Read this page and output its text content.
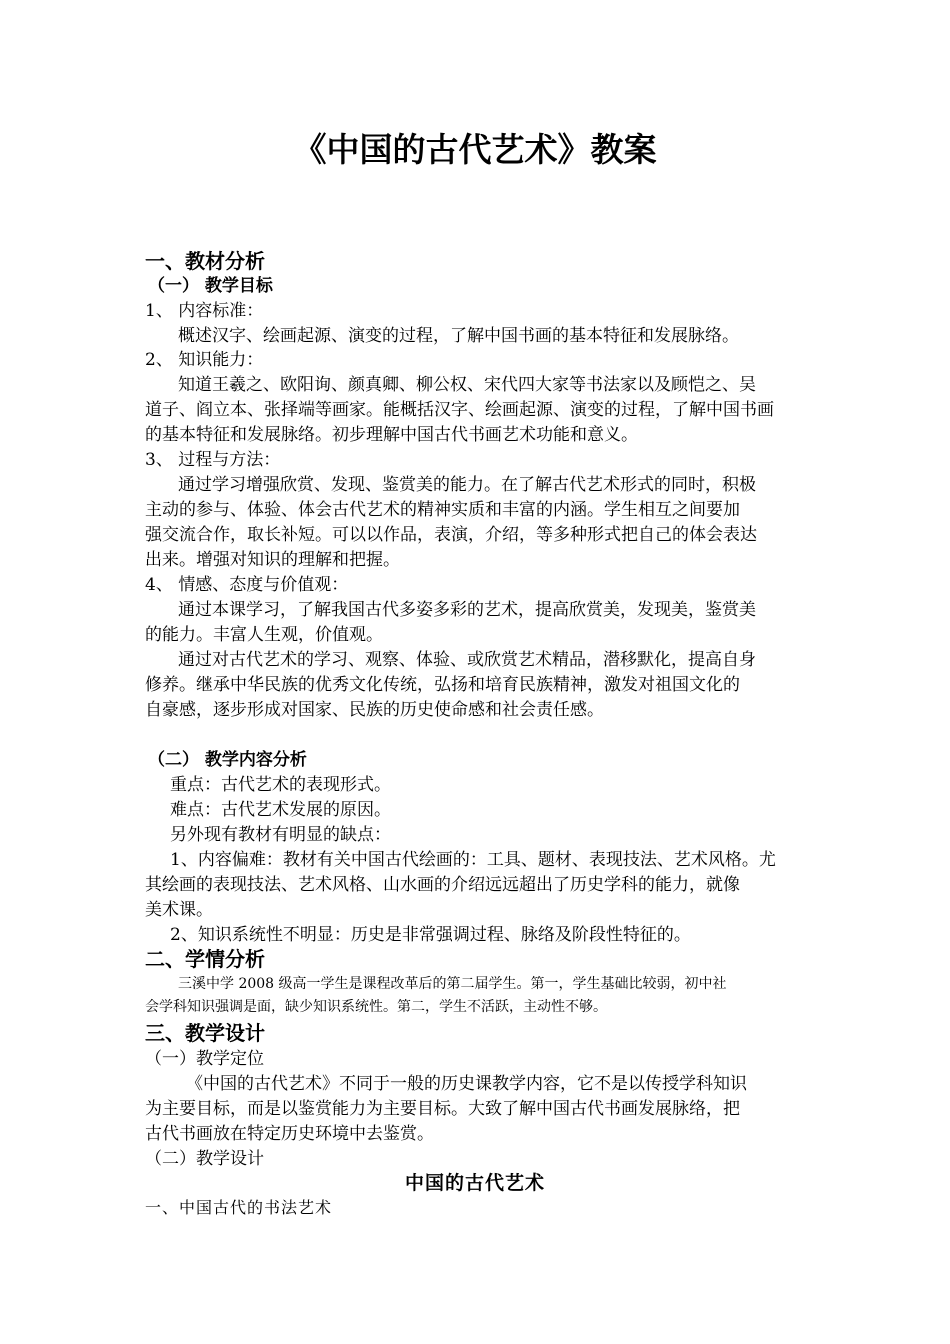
《中国的古代艺术》教案
一、教材分析
（一） 教学目标
1、 内容标准：
概述汉字、绘画起源、演变的过程，了解中国书画的基本特征和发展脉络。
2、 知识能力：
知道王羲之、欧阳询、颜真卿、柳公权、宋代四大家等书法家以及顾恺之、吴
道子、阎立本、张择端等画家。能概括汉字、绘画起源、演变的过程，了解中国书画
的基本特征和发展脉络。初步理解中国古代书画艺术功能和意义。
3、 过程与方法：
通过学习增强欣赏、发现、鉴赏美的能力。在了解古代艺术形式的同时，积极
主动的参与、体验、体会古代艺术的精神实质和丰富的内涵。学生相互之间要加
强交流合作，取长补短。可以以作品，表演，介绍，等多种形式把自己的体会表达
出来。增强对知识的理解和把握。
4、 情感、态度与价值观：
通过本课学习，了解我国古代多姿多彩的艺术，提高欣赏美，发现美，鉴赏美
的能力。丰富人生观，价值观。
通过对古代艺术的学习、观察、体验、或欣赏艺术精品，潜移默化，提高自身
修养。继承中华民族的优秀文化传统，弘扬和培育民族精神，激发对祖国文化的
自豪感，逐步形成对国家、民族的历史使命感和社会责任感。
（二） 教学内容分析
重点：古代艺术的表现形式。
难点：古代艺术发展的原因。
另外现有教材有明显的缺点：
1、内容偏难：教材有关中国古代绘画的：工具、题材、表现技法、艺术风格。尤
其绘画的表现技法、艺术风格、山水画的介绍远远超出了历史学科的能力，就像
美术课。
2、知识系统性不明显：历史是非常强调过程、脉络及阶段性特征的。
二、学情分析
三溪中学 2008 级高一学生是课程改革后的第二届学生。第一，学生基础比较弱，初中社
会学科知识强调是面，缺少知识系统性。第二，学生不活跃，主动性不够。
三、教学设计
（一）教学定位
《中国的古代艺术》不同于一般的历史课教学内容，它不是以传授学科知识
为主要目标，而是以鉴赏能力为主要目标。大致了解中国古代书画发展脉络，把
古代书画放在特定历史环境中去鉴赏。
（二）教学设计
中国的古代艺术
一、中国古代的书法艺术
